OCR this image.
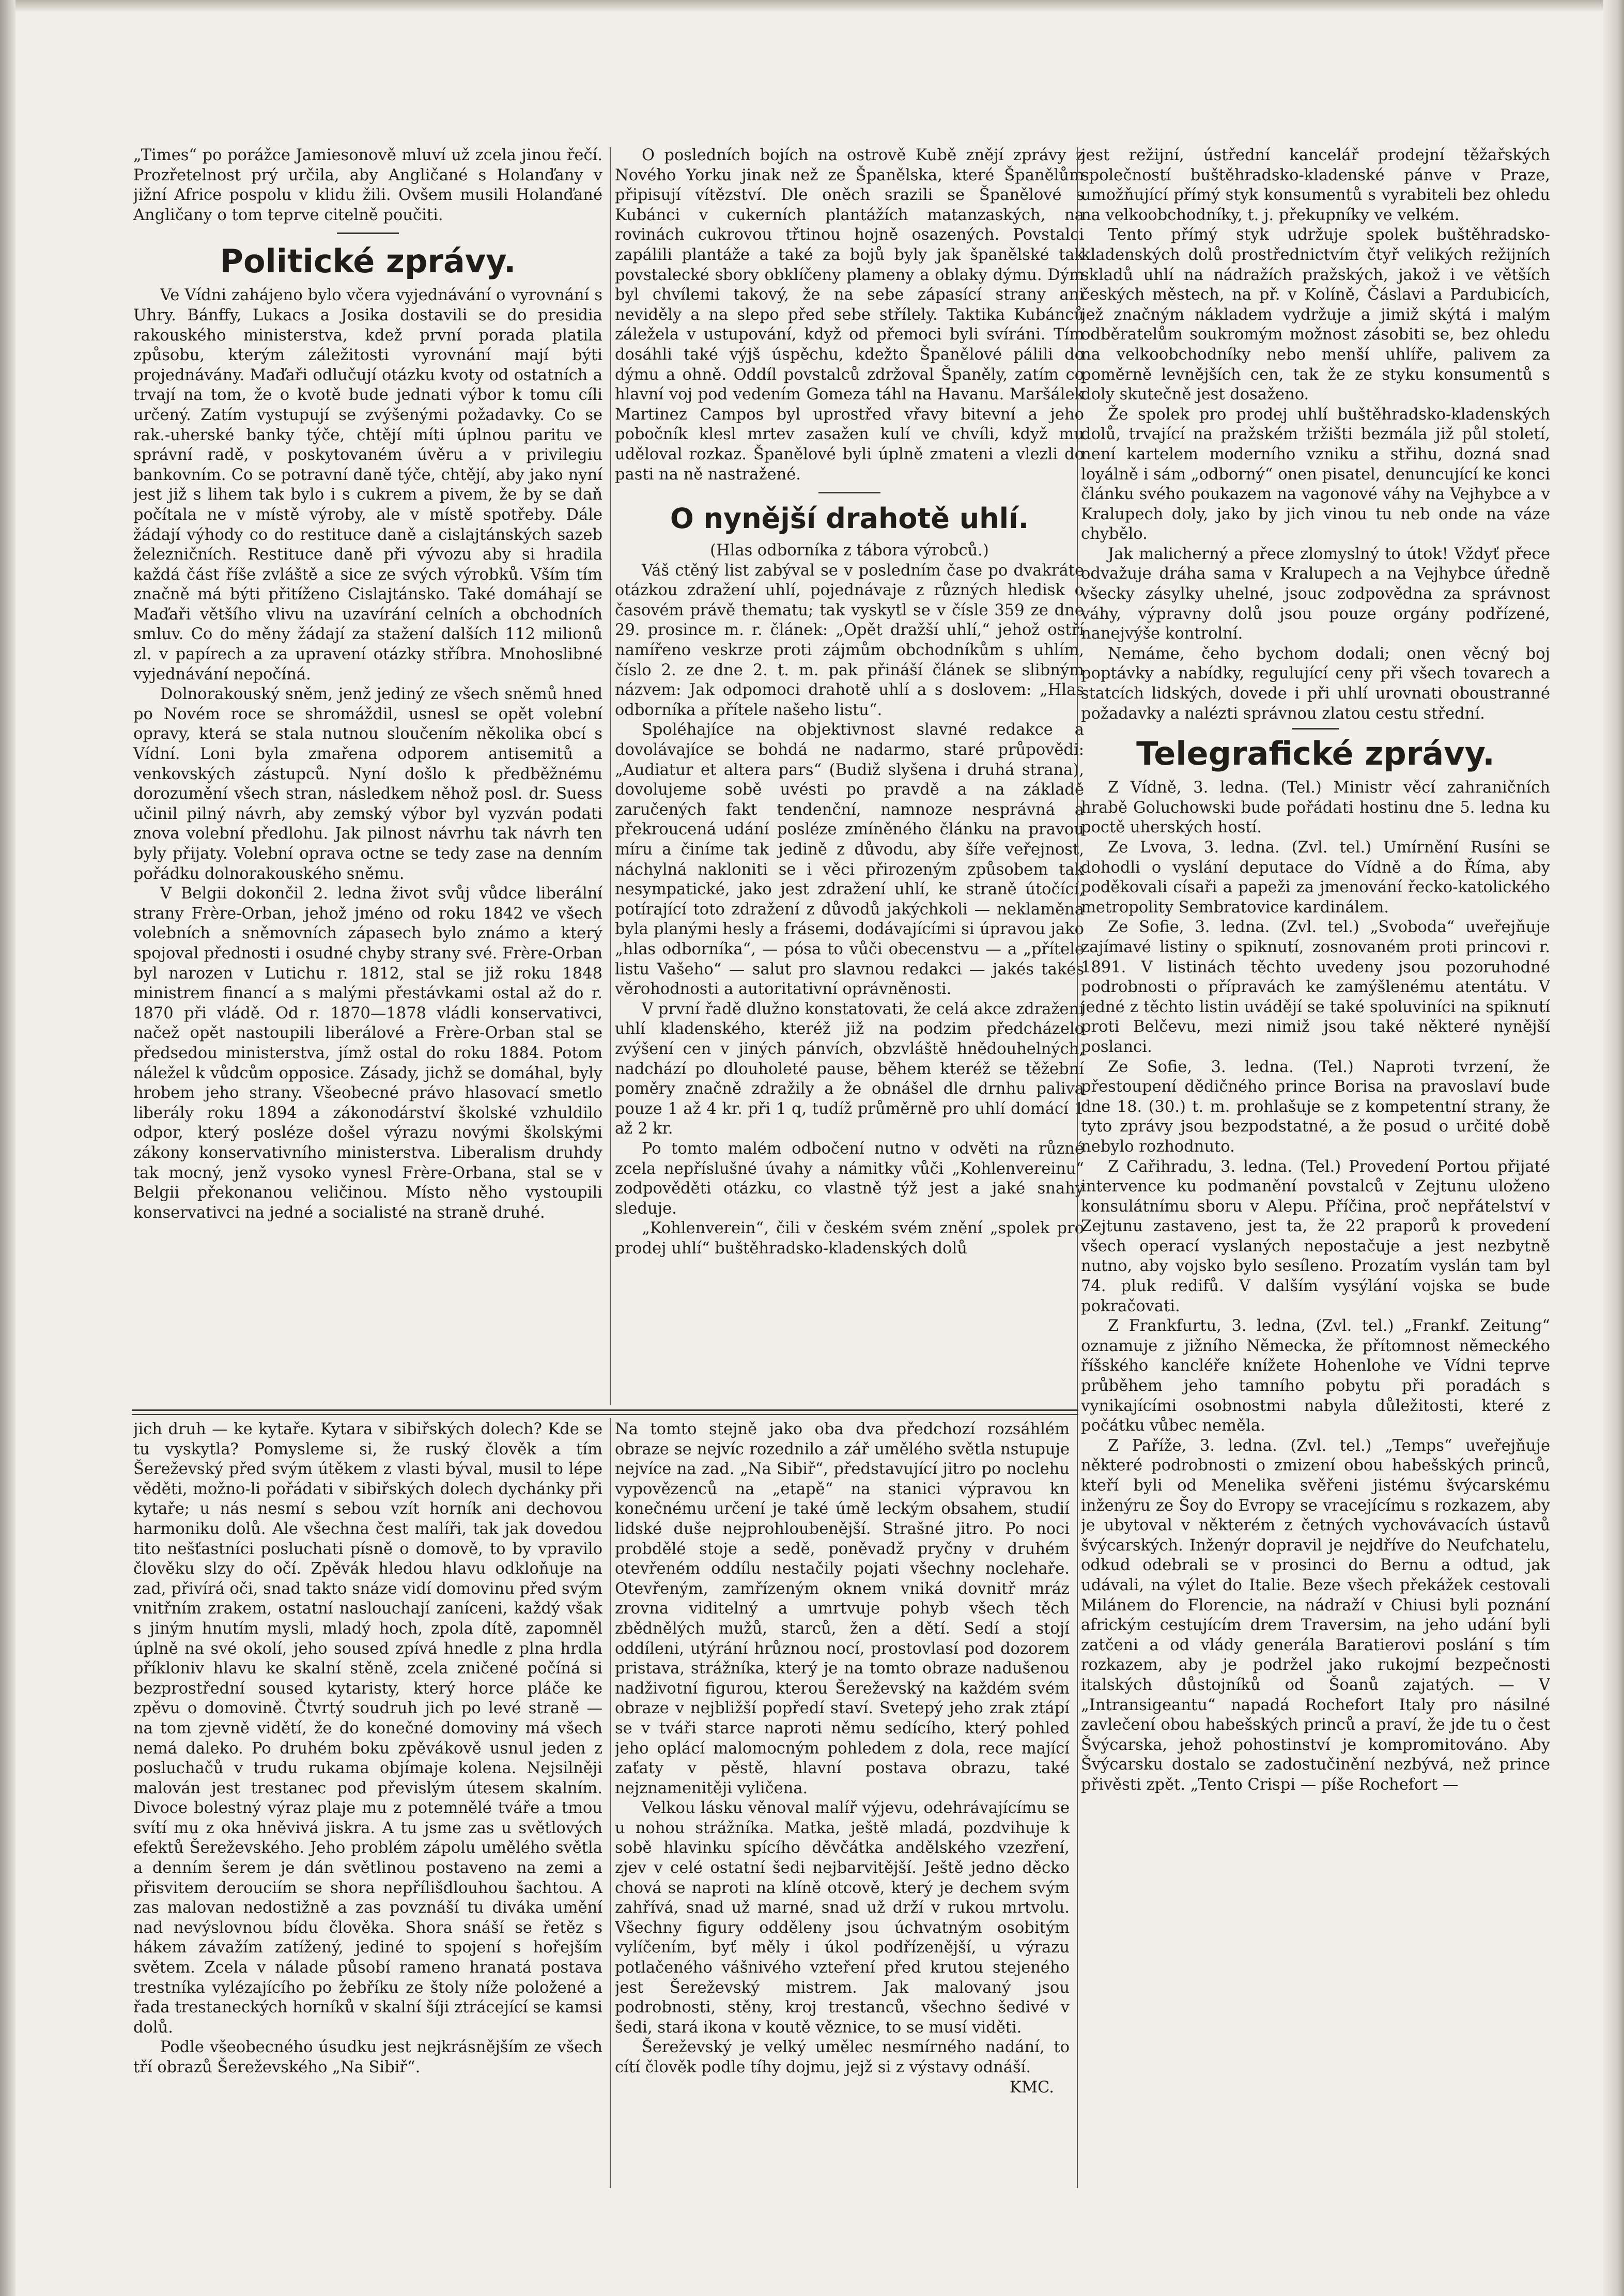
„Times“ po porážce Jamiesonově mluví už zcela jinou řečí. Prozřetelnost prý určila, aby Angličané s Holanďany v jižní Africe pospolu v klidu žili. Ovšem musili Holanďané Angličany o tom teprve citelně poučiti.

Politické zprávy.

Ve Vídni zahájeno bylo včera vyjednávání o vyrovnání s Uhry. Bánffy, Lukacs a Josika dostavili se do presidia rakouského ministerstva, kdež první porada platila způsobu, kterým záležitosti vyrovnání mají býti projednávány. Maďaři odlučují otázku kvoty od ostatních a trvají na tom, že o kvotě bude jednati výbor k tomu cíli určený. Zatím vystupují se zvýšenými požadavky. Co se rak.-uherské banky týče, chtějí míti úplnou paritu ve správní radě, v poskytovaném úvěru a v privilegiu bankovním. Co se potravní daně týče, chtějí, aby jako nyní jest již s lihem tak bylo i s cukrem a pivem, že by se daň počítala ne v místě výroby, ale v místě spotřeby. Dále žádají výhody co do restituce daně a cislajtánských sazeb železničních. Restituce daně při vývozu aby si hradila každá část říše zvláště a sice ze svých výrobků. Vším tím značně má býti přitíženo Cislajtánsko. Také domáhají se Maďaři většího vlivu na uzavírání celních a obchodních smluv. Co do měny žádají za stažení dalších 112 milionů zl. v papírech a za upravení otázky stříbra. Mnohoslibné vyjednávání nepočíná.

Dolnorakouský sněm, jenž jediný ze všech sněmů hned po Novém roce se shromáždil, usnesl se opět volební opravy, která se stala nutnou sloučením několika obcí s Vídní. Loni byla zmařena odporem antisemitů a venkovských zástupců. Nyní došlo k předběžnému dorozumění všech stran, následkem něhož posl. dr. Suess učinil pilný návrh, aby zemský výbor byl vyzván podati znova volební předlohu. Jak pilnost návrhu tak návrh ten byly přijaty. Volební oprava octne se tedy zase na denním pořádku dolnorakouského sněmu.

V Belgii dokončil 2. ledna život svůj vůdce liberální strany Frère-Orban, jehož jméno od roku 1842 ve všech volebních a sněmovních zápasech bylo známo a který spojoval přednosti i osudné chyby strany své. Frère-Orban byl narozen v Lutichu r. 1812, stal se již roku 1848 ministrem financí a s malými přestávkami ostal až do r. 1870 při vládě. Od r. 1870—1878 vládli konservativci, načež opět nastoupili liberálové a Frère-Orban stal se předsedou ministerstva, jímž ostal do roku 1884. Potom náležel k vůdcům opposice. Zásady, jichž se domáhal, byly hrobem jeho strany. Všeobecné právo hlasovací smetlo liberály roku 1894 a zákonodárství školské vzhuldilo odpor, který posléze došel výrazu novými školskými zákony konservativního ministerstva. Liberalism druhdy tak mocný, jenž vysoko vynesl Frère-Orbana, stal se v Belgii překonanou veličinou. Místo něho vystoupili konservativci na jedné a socialisté na straně druhé.

O posledních bojích na ostrově Kubě znějí zprávy z Nového Yorku jinak než ze Španělska, které Španělům připisují vítězství. Dle oněch srazili se Španělové s Kubánci v cukerních plantážích matanzaských, na rovinách cukrovou třtinou hojně osazených. Povstalci zapálili plantáže a také za bojů byly jak španělské tak povstalecké sbory obklíčeny plameny a oblaky dýmu. Dým byl chvílemi takový, že na sebe zápasící strany ani neviděly a na slepo před sebe střílely. Taktika Kubánců záležela v ustupování, když od přemoci byli svíráni. Tím dosáhli také výjš úspěchu, kdežto Španělové pálili do dýmu a ohně. Oddíl povstalců zdržoval Španěly, zatím co hlavní voj pod vedením Gomeza táhl na Havanu. Maršálek Martinez Campos byl uprostřed vřavy bitevní a jeho pobočník klesl mrtev zasažen kulí ve chvíli, když mu uděloval rozkaz. Španělové byli úplně zmateni a vlezli do pasti na ně nastražené.

O nynější drahotě uhlí.

(Hlas odborníka z tábora výrobců.)

Váš ctěný list zabýval se v posledním čase po dvakráte otázkou zdražení uhlí, pojednávaje z různých hledisk o časovém právě thematu; tak vyskytl se v čísle 359 ze dne 29. prosince m. r. článek: „Opět dražší uhlí,“ jehož ostří namířeno veskrze proti zájmům obchodníkům s uhlím, číslo 2. ze dne 2. t. m. pak přináší článek se slibným názvem: Jak odpomoci drahotě uhlí a s doslovem: „Hlas odborníka a přítele našeho listu“.

Spoléhajíce na objektivnost slavné redakce a dovolávajíce se bohdá ne nadarmo, staré průpovědi: „Audiatur et altera pars“ (Budiž slyšena i druhá strana), dovolujeme sobě uvésti po pravdě a na základě zaručených fakt tendenční, namnoze nesprávná a překroucená udání posléze zmíněného článku na pravou míru a činíme tak jedině z důvodu, aby šíře veřejnost, náchylná nakloniti se i věci přirozeným způsobem tak nesympatické, jako jest zdražení uhlí, ke straně útočící, potírající toto zdražení z důvodů jakýchkoli — neklaměna byla planými hesly a frásemi, dodávajícími si úpravou jako „hlas odborníka“, — pósa to vůči obecenstvu — a „přítele listu Vašeho“ — salut pro slavnou redakci — jakés takés věrohodnosti a autoritativní oprávněnosti.

V první řadě dlužno konstatovati, že celá akce zdražení uhlí kladenského, kteréž již na podzim předcházelo zvýšení cen v jiných pánvích, obzvláště hnědouhelných, nadchází po dlouholeté pause, během kteréž se těžební poměry značně zdražily a že obnášel dle drnhu paliva pouze 1 až 4 kr. při 1 q, tudíž průměrně pro uhlí domácí 1 až 2 kr.

Po tomto malém odbočení nutno v odvěti na různé zcela nepříslušné úvahy a námitky vůči „Kohlenvereinu“ zodpověděti otázku, co vlastně týž jest a jaké snahy sleduje.

„Kohlenverein“, čili v českém svém znění „spolek pro prodej uhlí“ buštěhradsko-kladenských dolů

jest režijní, ústřední kancelář prodejní těžařských společností buštěhradsko-kladenské pánve v Praze, umožňující přímý styk konsumentů s vyrabiteli bez ohledu na velkoobchodníky, t. j. překupníky ve velkém.

Tento přímý styk udržuje spolek buštěhradsko-kladenských dolů prostřednictvím čtyř velikých režijních skladů uhlí na nádražích pražských, jakož i ve větších českých městech, na př. v Kolíně, Čáslavi a Pardubicích, jež značným nákladem vydržuje a jimiž skýtá i malým odběratelům soukromým možnost zásobiti se, bez ohledu na velkoobchodníky nebo menší uhlíře, palivem za poměrně levnějších cen, tak že ze styku konsumentů s doly skutečně jest dosaženo.

Že spolek pro prodej uhlí buštěhradsko-kladenských dolů, trvající na pražském tržišti bezmála již půl století, není kartelem moderního vzniku a střihu, dozná snad loyálně i sám „odborný“ onen pisatel, denuncující ke konci článku svého poukazem na vagonové váhy na Vejhybce a v Kralupech doly, jako by jich vinou tu neb onde na váze chybělo.

Jak malicherný a přece zlomyslný to útok! Vždyť přece odvažuje dráha sama v Kralupech a na Vejhybce úředně všecky zásylky uhelné, jsouc zodpovědna za správnost váhy, výpravny dolů jsou pouze orgány podřízené, nanejvýše kontrolní.

Nemáme, čeho bychom dodali; onen věcný boj poptávky a nabídky, regulující ceny při všech tovarech a statcích lidských, dovede i při uhlí urovnati oboustranné požadavky a nalézti správnou zlatou cestu střední.

Telegrafické zprávy.

Z Vídně, 3. ledna. (Tel.) Ministr věcí zahraničních hrabě Goluchowski bude pořádati hostinu dne 5. ledna ku poctě uherských hostí.

Ze Lvova, 3. ledna. (Zvl. tel.) Umírnění Rusíni se dohodli o vyslání deputace do Vídně a do Říma, aby poděkovali císaři a papeži za jmenování řecko-katolického metropolity Sembratovice kardinálem.

Ze Sofie, 3. ledna. (Zvl. tel.) „Svoboda“ uveřejňuje zajímavé listiny o spiknutí, zosnovaném proti princovi r. 1891. V listinách těchto uvedeny jsou pozoruhodné podrobnosti o přípravách ke zamýšlenému atentátu. V jedné z těchto listin uvádějí se také spoluviníci na spiknutí proti Belčevu, mezi nimiž jsou také některé nynější poslanci.

Ze Sofie, 3. ledna. (Tel.) Naproti tvrzení, že přestoupení dědičného prince Borisa na pravoslaví bude dne 18. (30.) t. m. prohlašuje se z kompetentní strany, že tyto zprávy jsou bezpodstatné, a že posud o určité době nebylo rozhodnuto.

Z Cařihradu, 3. ledna. (Tel.) Provedení Portou přijaté intervence ku podmanění povstalců v Zejtunu uloženo konsulátnímu sboru v Alepu. Příčina, proč nepřátelství v Zejtunu zastaveno, jest ta, že 22 praporů k provedení všech operací vyslaných nepostačuje a jest nezbytně nutno, aby vojsko bylo sesíleno. Prozatím vyslán tam byl 74. pluk redifů. V dalším vysýlání vojska se bude pokračovati.

Z Frankfurtu, 3. ledna, (Zvl. tel.) „Frankf. Zeitung“ oznamuje z jižního Německa, že přítomnost německého říšského kancléře knížete Hohenlohe ve Vídni teprve průběhem jeho tamního pobytu při poradách s vynikajícími osobnostmi nabyla důležitosti, které z počátku vůbec neměla.

Z Paříže, 3. ledna. (Zvl. tel.) „Temps“ uveřejňuje některé podrobnosti o zmizení obou habešských princů, kteří byli od Menelika svěřeni jistému švýcarskému inženýru ze Šoy do Evropy se vracejícímu s rozkazem, aby je ubytoval v některém z četných vychovávacích ústavů švýcarských. Inženýr dopravil je nejdříve do Neufchatelu, odkud odebrali se v prosinci do Bernu a odtud, jak udávali, na výlet do Italie. Beze všech překážek cestovali Milánem do Florencie, na nádraží v Chiusi byli poznání africkým cestujícím drem Traversim, na jeho udání byli zatčeni a od vlády generála Baratierovi poslání s tím rozkazem, aby je podržel jako rukojmí bezpečnosti italských důstojníků od Šoanů zajatých. — V „Intransigeantu“ napadá Rochefort Italy pro násilné zavlečení obou habešských princů a praví, že jde tu o čest Švýcarska, jehož pohostinství je kompromitováno. Aby Švýcarsku dostalo se zadostučinění nezbývá, než prince přivěsti zpět. „Tento Crispi — píše Rochefort —

jich druh — ke kytaře. Kytara v sibiřských dolech? Kde se tu vyskytla? Pomysleme si, že ruský člověk a tím Šereževský před svým útěkem z vlasti býval, musil to lépe věděti, možno-li pořádati v sibiřských dolech dychánky při kytaře; u nás nesmí s sebou vzít horník ani dechovou harmoniku dolů. Ale všechna čest malíři, tak jak dovedou tito nešťastníci posluchati písně o domově, to by vpravilo člověku slzy do očí. Zpěvák hledou hlavu odkloňuje na zad, přivírá oči, snad takto snáze vidí domovinu před svým vnitřním zrakem, ostatní naslouchají zaníceni, každý však s jiným hnutím mysli, mladý hoch, zpola dítě, zapomněl úplně na své okolí, jeho soused zpívá hnedle z plna hrdla příkloniv hlavu ke skalní stěně, zcela zničené počíná si bezprostřední soused kytaristy, který horce pláče ke zpěvu o domovině. Čtvrtý soudruh jich po levé straně — na tom zjevně vidětí, že do konečné domoviny má všech nemá daleko. Po druhém boku zpěvákově usnul jeden z posluchačů v trudu rukama objímaje kolena. Nejsilněji malován jest trestanec pod převislým útesem skalním. Divoce bolestný výraz plaje mu z potemnělé tváře a tmou svítí mu z oka hněvivá jiskra. A tu jsme zas u světlových efektů Šereževského. Jeho problém zápolu umělého světla a denním šerem je dán světlinou postaveno na zemi a přisvitem derouciím se shora nepřílišdlouhou šachtou. A zas malovan nedostižně a zas povznáší tu diváka umění nad nevýslovnou bídu člověka. Shora snáší se řetěz s hákem závažím zatížený, jediné to spojení s hořejším světem. Zcela v nálade působí rameno hranatá postava trestníka vylézajícího po žebříku ze štoly níže položené a řada trestaneckých horníků v skalní šíji ztrácející se kamsi dolů.

Podle všeobecného úsudku jest nejkrásnějším ze všech tří obrazů Šereževského „Na Sibiř“.

Na tomto stejně jako oba dva předchozí rozsáhlém obraze se nejvíc rozednilo a zář umělého světla nstupuje nejvíce na zad. „Na Sibiř“, představující jitro po noclehu vypovězenců na „etapě“ na stanici výpravou kn konečnému určení je také úmě leckým obsahem, studií lidské duše nejprohloubenější. Strašné jitro. Po noci probdělé stoje a sedě, poněvadž pryčny v druhém otevřeném oddílu nestačily pojati všechny noclehaře. Otevřeným, zamřízeným oknem vniká dovnitř mráz zrovna viditelný a umrtvuje pohyb všech těch zbědnělých mužů, starců, žen a dětí. Sedí a stojí oddíleni, utýrání hrůznou nocí, prostovlasí pod dozorem pristava, strážníka, který je na tomto obraze nadušenou nadživotní figurou, kterou Šereževský na každém svém obraze v nejbližší popředí staví. Svetepý jeho zrak ztápí se v tváři starce naproti němu sedícího, který pohled jeho oplácí malomocným pohledem z dola, rece mající zaťaty v pěstě, hlavní postava obrazu, také nejznamenitěji vyličena.

Velkou lásku věnoval malíř výjevu, odehrávajícímu se u nohou strážníka. Matka, ještě mladá, pozdvihuje k sobě hlavinku spícího děvčátka andělského vzezření, zjev v celé ostatní šedi nejbarvitější. Ještě jedno děcko chová se naproti na klíně otcově, který je dechem svým zahřívá, snad už marné, snad už drží v rukou mrtvolu. Všechny figury odděleny jsou úchvatným osobitým vylíčením, byť měly i úkol podřízenější, u výrazu potlačeného vášnivého vzteření před krutou stejeného jest Šereževský mistrem. Jak malovaný jsou podrobnosti, stěny, kroj trestanců, všechno šedivé v šedi, stará ikona v koutě věznice, to se musí viděti.

Šereževský je velký umělec nesmírného nadání, to cítí člověk podle tíhy dojmu, jejž si z výstavy odnáší.

KMC.
